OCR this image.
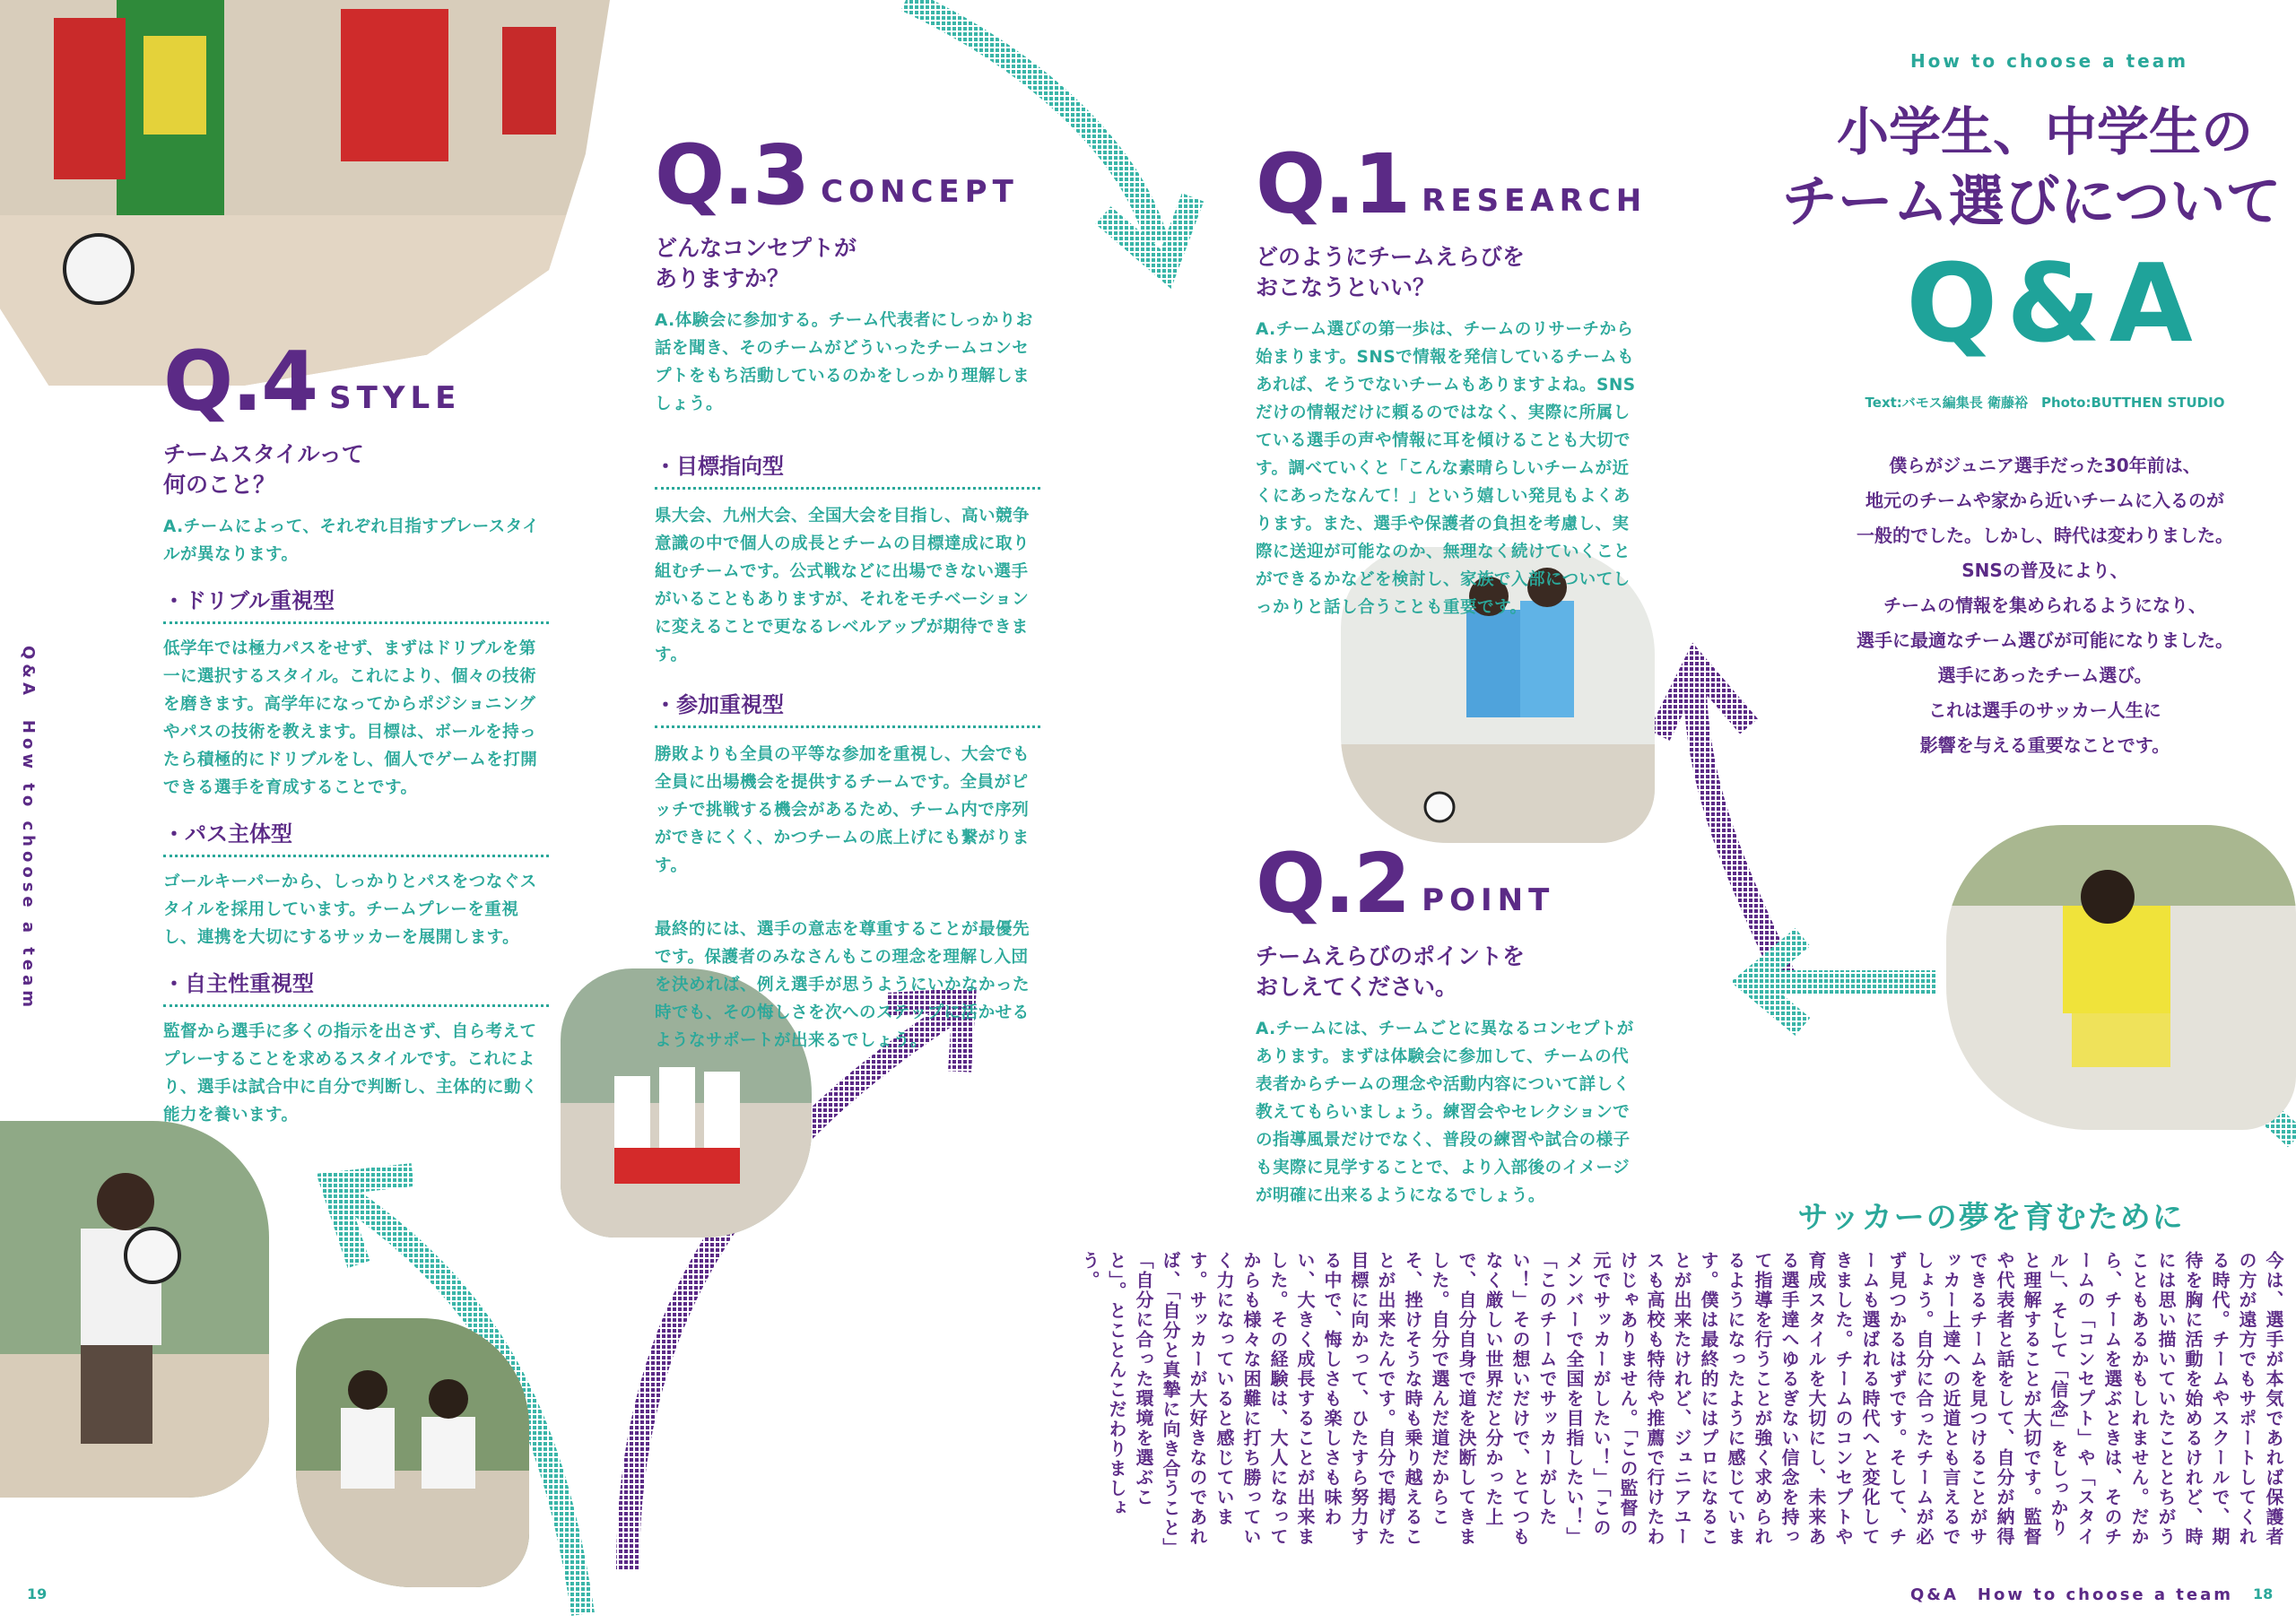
How to choose a team
小学生、中学生の
チーム選びについて
Q&A
Text:バモス編集長 衛藤裕　Photo:BUTTHEN STUDIO
僕らがジュニア選手だった30年前は、
地元のチームや家から近いチームに入るのが
一般的でした。しかし、時代は変わりました。
SNSの普及により、
チームの情報を集められるようになり、
選手に最適なチーム選びが可能になりました。
選手にあったチーム選び。
これは選手のサッカー人生に
影響を与える重要なことです。
Q.1 RESEARCH
どのようにチームえらびを
おこなうといい？
A.チーム選びの第一歩は、チームのリサーチから始まります。SNSで情報を発信しているチームもあれば、そうでないチームもありますよね。SNSだけの情報だけに頼るのではなく、実際に所属している選手の声や情報に耳を傾けることも大切です。調べていくと「こんな素晴らしいチームが近くにあったなんて！」という嬉しい発見もよくあります。また、選手や保護者の負担を考慮し、実際に送迎が可能なのか、無理なく続けていくことができるかなどを検討し、家族で入部についてしっかりと話し合うことも重要です。
Q.2 POINT
チームえらびのポイントを
おしえてください。
A.チームには、チームごとに異なるコンセプトがあります。まずは体験会に参加して、チームの代表者からチームの理念や活動内容について詳しく教えてもらいましょう。練習会やセレクションでの指導風景だけでなく、普段の練習や試合の様子も実際に見学することで、より入部後のイメージが明確に出来るようになるでしょう。
Q.3 CONCEPT
どんなコンセプトが
ありますか？
A.体験会に参加する。チーム代表者にしっかりお話を聞き、そのチームがどういったチームコンセプトをもち活動しているのかをしっかり理解しましょう。
・目標指向型
県大会、九州大会、全国大会を目指し、高い競争意識の中で個人の成長とチームの目標達成に取り組むチームです。公式戦などに出場できない選手がいることもありますが、それをモチベーションに変えることで更なるレベルアップが期待できます。
・参加重視型
勝敗よりも全員の平等な参加を重視し、大会でも全員に出場機会を提供するチームです。全員がピッチで挑戦する機会があるため、チーム内で序列ができにくく、かつチームの底上げにも繋がります。
最終的には、選手の意志を尊重することが最優先です。保護者のみなさんもこの理念を理解し入団を決めれば、例え選手が思うようにいかなかった時でも、その悔しさを次へのステップに活かせるようなサポートが出来るでしょう。
Q.4 STYLE
チームスタイルって
何のこと？
A.チームによって、それぞれ目指すプレースタイルが異なります。
・ドリブル重視型
低学年では極力パスをせず、まずはドリブルを第一に選択するスタイル。これにより、個々の技術を磨きます。高学年になってからポジショニングやパスの技術を教えます。目標は、ボールを持ったら積極的にドリブルをし、個人でゲームを打開できる選手を育成することです。
・パス主体型
ゴールキーパーから、しっかりとパスをつなぐスタイルを採用しています。チームプレーを重視し、連携を大切にするサッカーを展開します。
・自主性重視型
監督から選手に多くの指示を出さず、自ら考えてプレーすることを求めるスタイルです。これにより、選手は試合中に自分で判断し、主体的に動く能力を養います。
サッカーの夢を育むために
今は、選手が本気であれば保護者の方が遠方でもサポートしてくれる時代。チームやスクールで、期待を胸に活動を始めるけれど、時には思い描いていたこととちがうこともあるかもしれません。だから、チームを選ぶときは、そのチームの「コンセプト」や「スタイル」、そして「信念」をしっかりと理解することが大切です。監督や代表者と話をして、自分が納得できるチームを見つけることがサッカー上達への近道とも言えるでしょう。自分に合ったチームが必ず見つかるはずです。そして、チームも選ばれる時代へと変化してきました。チームのコンセプトや育成スタイルを大切にし、未来ある選手達へゆるぎない信念を持って指導を行うことが強く求められるようになったように感じています。僕は最終的にはプロになることが出来たけれど、ジュニアユースも高校も特待や推薦で行けたわけじゃありません。「この監督の元でサッカーがしたい！」「このメンバーで全国を目指したい！」「このチームでサッカーがしたい！」その想いだけで、とてつもなく厳しい世界だと分かった上で、自分自身で道を決断してきました。自分で選んだ道だからこそ、挫けそうな時も乗り越えることが出来たんです。自分で掲げた目標に向かって、ひたすら努力する中で、悔しさも楽しさも味わい、大きく成長することが出来ました。その経験は、大人になってからも様々な困難に打ち勝っていく力になっていると感じています。サッカーが大好きなのであれば、「自分と真摯に向き合うこと」「自分に合った環境を選ぶこと」。とことんこだわりましょう。
Q&A　How to choose a team
19	Q&A　How to choose a team 18
